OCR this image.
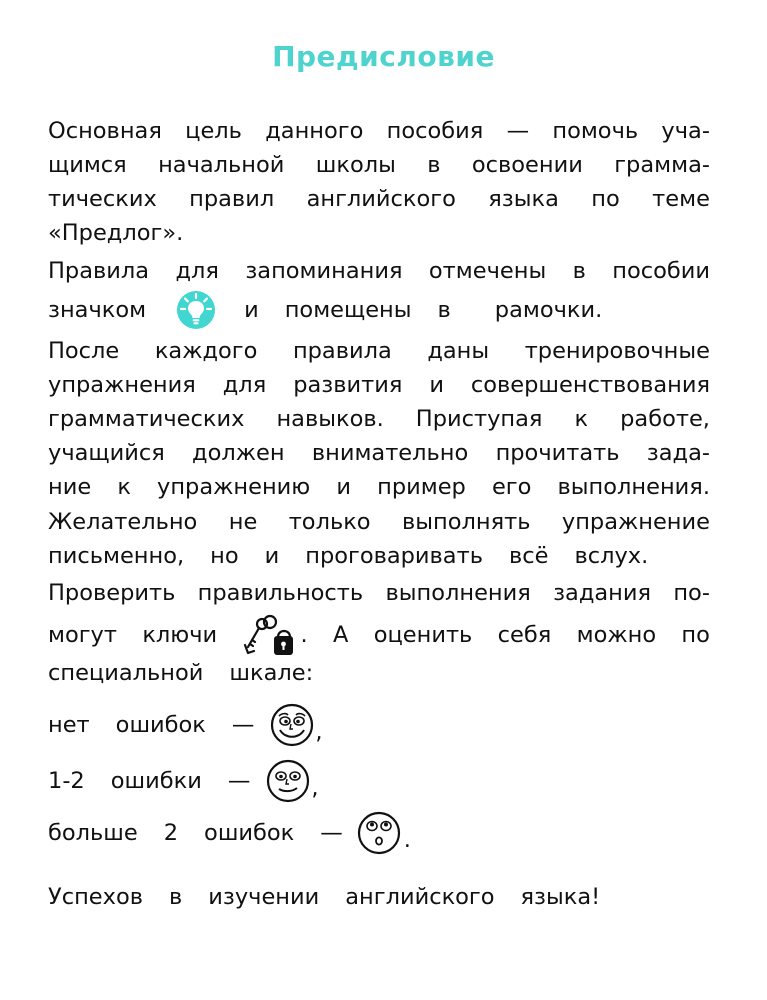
Предисловие
Основная цель данного пособия — помочь уча-
щимся начальной школы в освоении грамма-
тических правил английского языка по теме
«Предлог».
Правила для запоминания отмечены в пособии
значком	и помещены в рамочки.
После каждого правила даны тренировочные
упражнения для развития и совершенствования
грамматических навыков. Приступая к работе,
учащийся должен внимательно прочитать зада-
ние к упражнению и пример его выполнения.
Желательно не только выполнять упражнение
письменно, но и проговаривать всё вслух.
Проверить правильность выполнения задания по-
могут ключи	. А оценить себя можно по
специальной шкале:
нет ошибок —	,
1-2 ошибки —	,
больше 2 ошибок —	.
Успехов в изучении английского языка!
